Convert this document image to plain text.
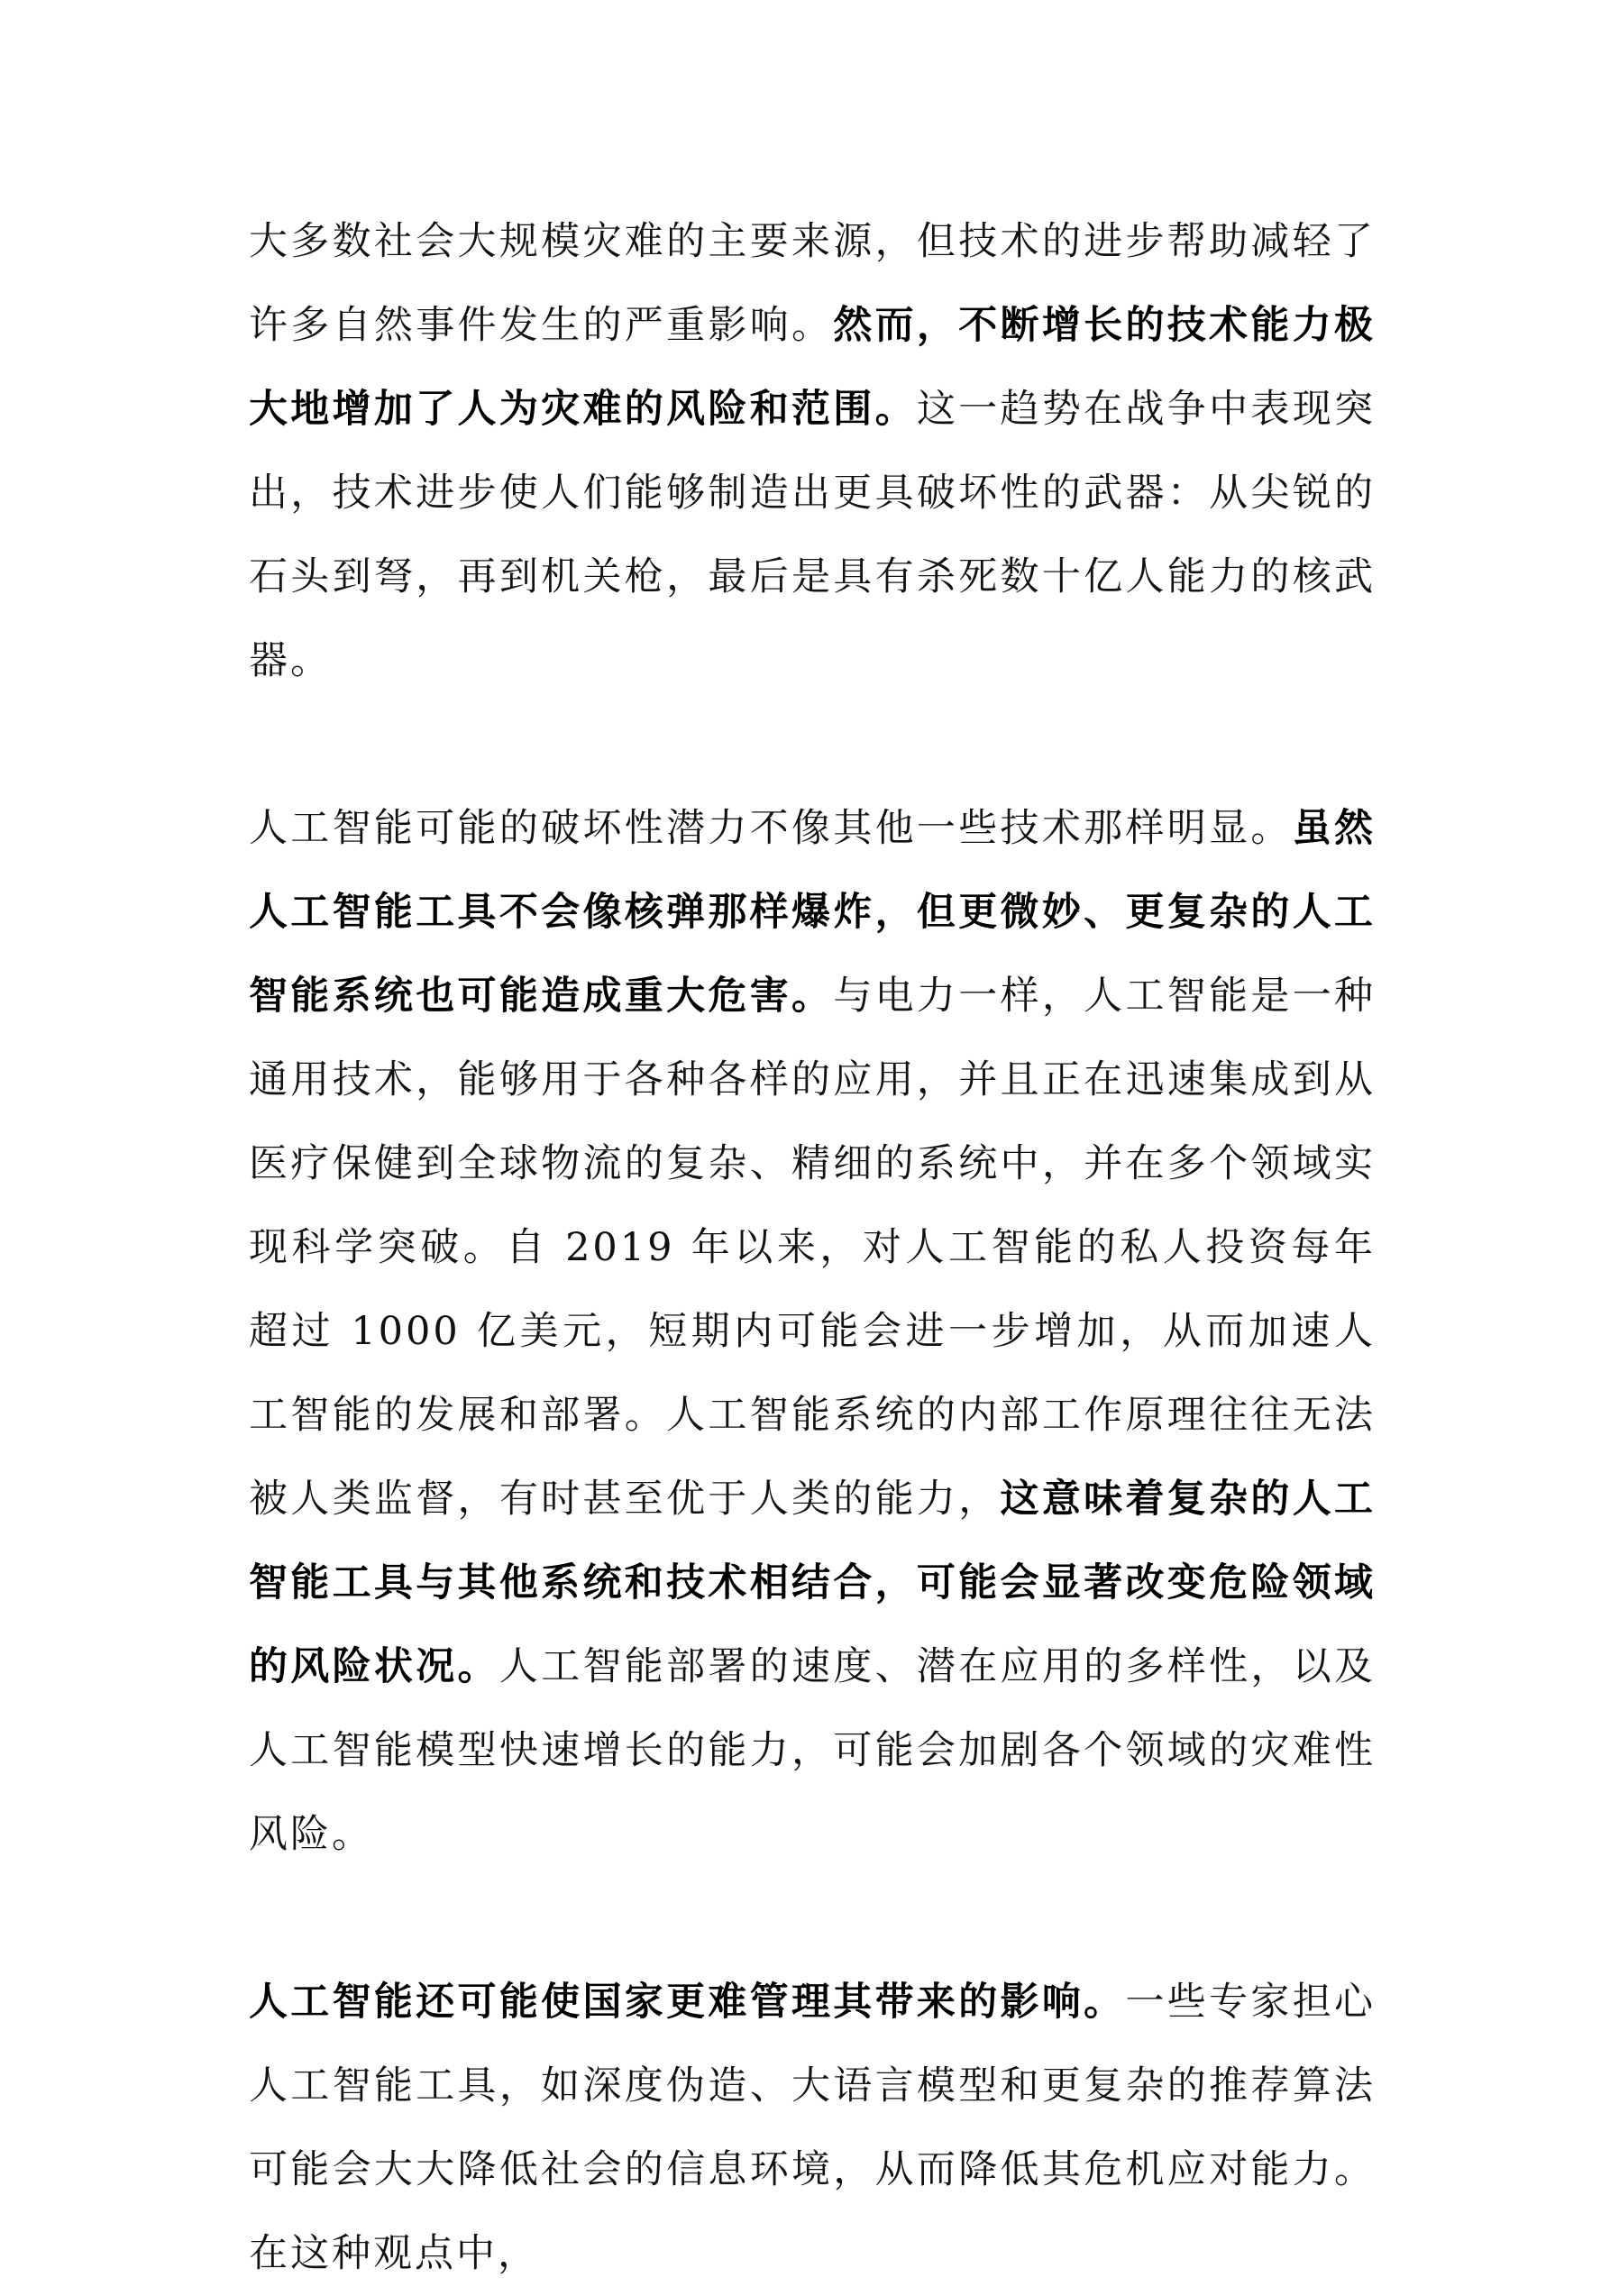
大多数社会大规模灾难的主要来源，但技术的进步帮助减轻了许多自然事件发生的严重影响。然而，不断增长的技术能力极大地增加了人为灾难的风险和范围。这一趋势在战争中表现突出，技术进步使人们能够制造出更具破坏性的武器：从尖锐的石头到弩，再到机关枪，最后是具有杀死数十亿人能力的核武器。

人工智能可能的破坏性潜力不像其他一些技术那样明显。虽然人工智能工具不会像核弹那样爆炸，但更微妙、更复杂的人工智能系统也可能造成重大危害。与电力一样，人工智能是一种通用技术，能够用于各种各样的应用，并且正在迅速集成到从医疗保健到全球物流的复杂、精细的系统中，并在多个领域实现科学突破。自 2019 年以来，对人工智能的私人投资每年超过 1000 亿美元，短期内可能会进一步增加，从而加速人工智能的发展和部署。人工智能系统的内部工作原理往往无法被人类监督，有时甚至优于人类的能力，这意味着复杂的人工智能工具与其他系统和技术相结合，可能会显著改变危险领域的风险状况。人工智能部署的速度、潜在应用的多样性，以及人工智能模型快速增长的能力，可能会加剧各个领域的灾难性风险。

人工智能还可能使国家更难管理其带来的影响。一些专家担心人工智能工具，如深度伪造、大语言模型和更复杂的推荐算法可能会大大降低社会的信息环境，从而降低其危机应对能力。在这种观点中，
